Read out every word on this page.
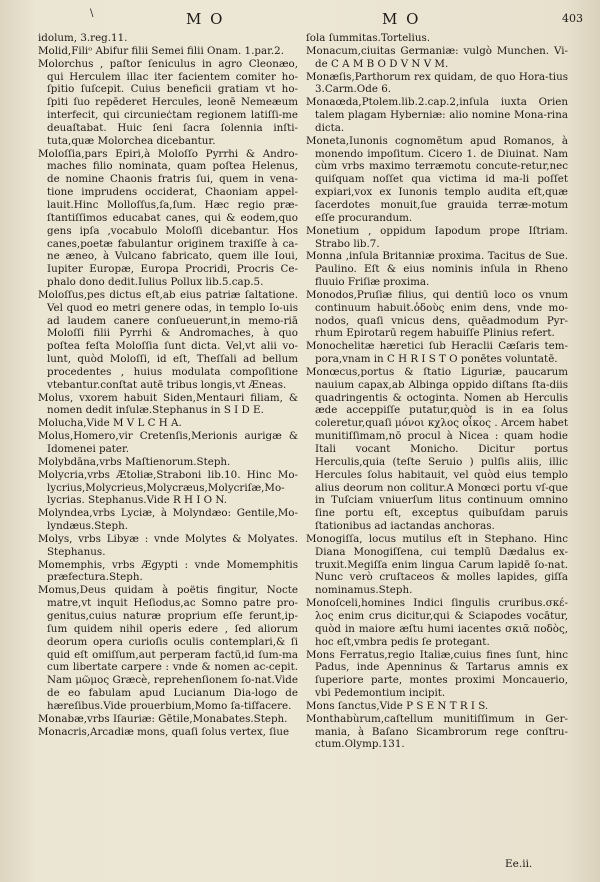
\	M O	M O	403

idolum, 3.reg.11.

Molid,Filiᵒ Abifur filii Semei filii Onam. 1.par.2.

Molorchus , paſtor ſeniculus in agro Cleonæo, qui Herculem illac iter facientem comiter ho-ſpitio ſuſcepit. Cuius beneficii gratiam vt ho-ſpiti ſuo repēderet Hercules, leonē Nemeæum interfecit, qui circunieċtam regionem latiſſi-me deuaſtabat. Huic ſeni ſacra ſolennia inſti-tuta,quæ Molorchea dicebantur.

Moloſſia,pars Epiri,à Moloſſo Pyrrhi & Andro-maches filio nominata, quam poſtea Helenus, de nomine Chaonis fratris ſui, quem in vena-tione imprudens occiderat, Chaoniam appel-lauit.Hinc Molloſſus,ſa,ſum. Hæc regio præ-ſtantiſſimos educabat canes, qui & eodem,quo gens ipſa ,vocabulo Moloſſi dicebantur. Hos canes,poetæ fabulantur originem traxiſſe à ca-ne æneo, à Vulcano fabricato, quem ille Ioui, Iupiter Europæ, Europa Procridi, Procris Ce-phalo dono dedit.Iulius Pollux lib.5.cap.5.

Moloſſus,pes dictus eſt,ab eius patriæ ſaltatione. Vel quod eo metri genere odas, in templo Io-uis ad laudem canere conſueuerunt,in memo-riā Moloſſi filii Pyrrhi & Andromaches, à quo poſtea feſta Moloſſia ſunt dicta. Vel,vt alii vo-lunt, quòd Moloſſi, id eſt, Theſſali ad bellum procedentes , huius modulata compoſitione vtebantur.conſtat autē tribus longis,vt Æneas.

Molus, vxorem habuit Siden,Mentauri filiam, & nomen dedit inſulæ.Stephanus in S I D E.

Molucha,Vide M V L C H A.

Molus,Homero,vir Cretenſis,Merionis aurigæ & Idomenei pater.

Molybdāna,vrbs Maſtienorum.Steph.

Molycria,vrbs Ætoliæ,Straboni lib.10. Hinc Mo-lycrius,Molycrieus,Molycræus,Molycriſæ,Mo-lycrias. Stephanus.Vide R H I O N.

Molyndea,vrbs Lyciæ, à Molyndæo: Gentile,Mo-lyndæus.Steph.

Molys, vrbs Libyæ : vnde Molytes & Molyates. Stephanus.

Momemphis, vrbs Ægypti : vnde Momemphitis præfectura.Steph.

Momus,Deus quidam à poëtis fingitur, Nocte matre,vt inquit Heſiodus,ac Somno patre pro-genitus,cuius naturæ proprium eſſe ferunt,ip-ſum quidem nihil operis edere , ſed aliorum deorum opera curioſis oculis contemplari,& ſi quid eſt omiſſum,aut perperam factū,id ſum-ma cum libertate carpere : vnde & nomen ac-cepit. Nam μῶμος Græcè, reprehenſionem ſo-nat.Vide de eo fabulam apud Lucianum Dia-logo de hæreſibus.Vide prouerbium,Momo ſa-tiſfacere.

Monabæ,vrbs Iſauriæ: Gētile,Monabates.Steph.

Monacris,Arcadiæ mons, quaſi ſolus vertex, ſiue

ſola ſummitas.Tortelius.

Monacum,ciuitas Germaniæ: vulgò Munchen. Vi-de C A M B O D V N V M.

Monæſis,Parthorum rex quidam, de quo Hora-tius 3.Carm.Ode 6.

Monaœda,Ptolem.lib.2.cap.2,inſula iuxta Orien talem plagam Hyberniæ: alio nomine Mona-rina dicta.

Moneta,Iunonis cognomētum apud Romanos, à monendo impoſitum. Cicero 1. de Diuinat. Nam cùm vrbs maximo terræmotu concute-retur,nec quiſquam noſſet qua victima id ma-li poſſet expiari,vox ex Iunonis templo audita eſt,quæ ſacerdotes monuit,ſue grauida terræ-motum eſſe procurandum.

Monetium , oppidum Iapodum prope Iſtriam. Strabo lib.7.

Monna ,inſula Britanniæ proxima. Tacitus de Sue. Paulino. Eſt & eius nominis inſula in Rheno fluuio Friſiæ proxima.

Monodos,Pruſiæ filius, qui dentiū loco os vnum continuum habuit.ὀδοὺς enim dens, vnde mo-nodos, quaſi vnicus dens, quēadmodum Pyr-rhum Epirotarū regem habuiſſe Plinius refert.

Monochelitæ hæretici ſub Heraclii Cæſaris tem-pora,vnam in C H R I S T O ponētes voluntatē.

Monœcus,portus & ſtatio Liguriæ, paucarum nauium capax,ab Albinga oppido diſtans ſta-diis quadringentis & octoginta. Nomen ab Herculis æde acceppiſſe putatur,quòd is in ea ſolus coleretur,quaſi μόνοι κχλος οἶκος . Arcem habet munitiſſimam,nō procul à Nicea : quam hodie Itali vocant Monicho. Dicitur portus Herculis,quia (teſte Seruio ) pulſis aliis, illic Hercules ſolus habitauit, vel quòd eius templo alius deorum non colitur.A Monœci portu vſ-que in Tuſciam vniuerſum litus continuum omnino ſine portu eſt, exceptus quibuſdam paruis ſtationibus ad iactandas anchoras.

Monogiſſa, locus mutilus eſt in Stephano. Hinc Diana Monogiſſena, cui templū Dædalus ex-truxit.Megiſſa enim lingua Carum lapidē ſo-nat. Nunc verò cruſtaceos & molles lapides, giſſa nominamus.Steph.

Monoſceli,homines Indici ſingulis cruribus.σκέ-λος enim crus dicitur,qui & Sciapodes vocātur, quòd in maiore æſtu humi iacentes σκιᾶ ποδὸς, hoc eſt,vmbra pedis ſe protegant.

Mons Ferratus,regio Italiæ,cuius fines ſunt, hinc Padus, inde Apenninus & Tartarus amnis ex ſuperiore parte, montes proximi Moncauerio, vbi Pedemontium incipit.

Mons ſanctus,Vide P S E N T R I S.

Monthabùrum,caſtellum munitiſſimum in Ger-mania, à Baſano Sicambrorum rege conſtru-ctum.Olymp.131.

Ee.ii.
